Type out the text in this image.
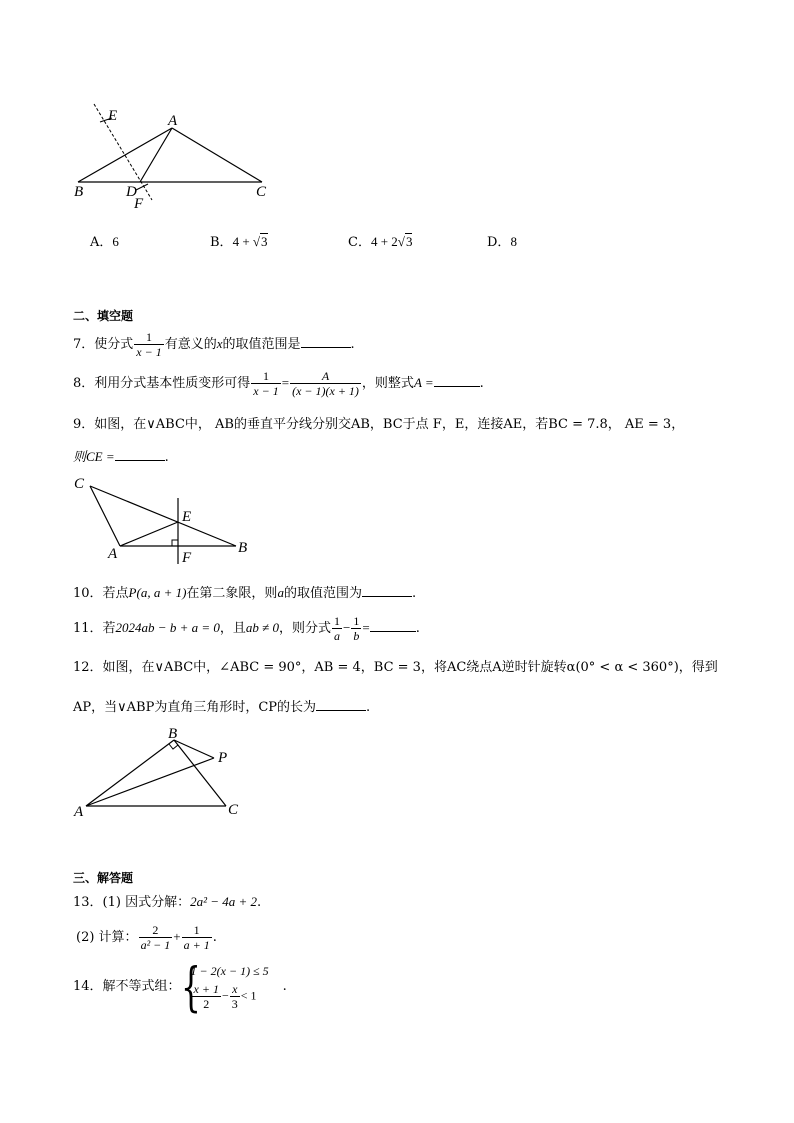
E	A
B	D	C
F
A．6	B．4 + √3	C．4 + 2√3	D．8
二、填空题
7．使分式 $\frac{1}{x - 1}$ 有意义的x的取值范围是	.
8．利用分式基本性质变形可得 $\frac{1}{x - 1} = \frac{A}{(x - 1)(x + 1)}$ ，则整式A =	.
9．如图，在∨ABC中， AB的垂直平分线分别交AB，BC于点 F，E，连接AE，若BC = 7.8， AE = 3，
则CE =	.
C
E
A	F
B
10．若点P(a, a + 1)在第二象限，则a的取值范围为	.
11．若2024ab − b + a = 0，且ab ≠ 0，则分式 $\frac{1}{a} - \frac{1}{b}$ =	.
12．如图，在∨ABC中，∠ABC = 90°，AB = 4，BC = 3，将AC绕点A逆时针旋转α(0° < α < 360°)，得到
AP，当∨ABP为直角三角形时，CP的长为	.
B
P
A	C
三、解答题
13．(1) 因式分解：2a² − 4a + 2.
(2) 计算： $\frac{2}{\text{a² − 1}} + \frac{1}{a + 1}$ .
14．解不等式组： {
1 − 2(x − 1) ≤ 5
$\frac{x + 1}{2} - \frac{x}{3} < 1$
.
